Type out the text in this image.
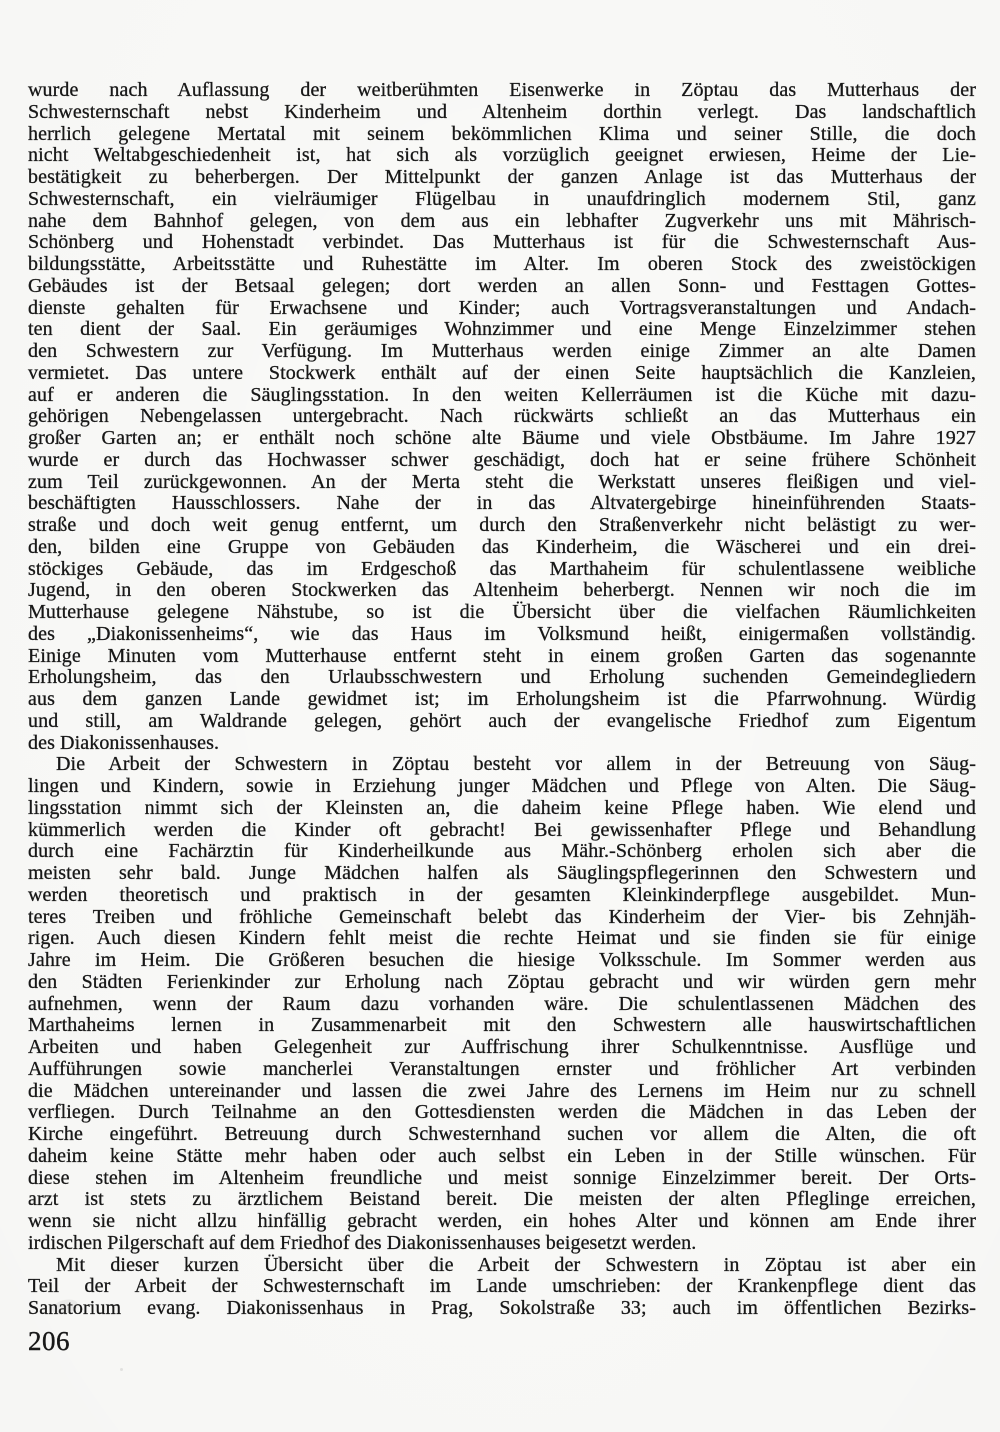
wurde nach Auflassung der weitberühmten Eisenwerke in Zöptau das Mutterhaus der
Schwesternschaft nebst Kinderheim und Altenheim dorthin verlegt. Das landschaftlich
herrlich gelegene Mertatal mit seinem bekömmlichen Klima und seiner Stille, die doch
nicht Weltabgeschiedenheit ist, hat sich als vorzüglich geeignet erwiesen, Heime der Lie-
bestätigkeit zu beherbergen. Der Mittelpunkt der ganzen Anlage ist das Mutterhaus der
Schwesternschaft, ein vielräumiger Flügelbau in unaufdringlich modernem Stil, ganz
nahe dem Bahnhof gelegen, von dem aus ein lebhafter Zugverkehr uns mit Mährisch-
Schönberg und Hohenstadt verbindet. Das Mutterhaus ist für die Schwesternschaft Aus-
bildungsstätte, Arbeitsstätte und Ruhestätte im Alter. Im oberen Stock des zweistöckigen
Gebäudes ist der Betsaal gelegen; dort werden an allen Sonn- und Festtagen Gottes-
dienste gehalten für Erwachsene und Kinder; auch Vortragsveranstaltungen und Andach-
ten dient der Saal. Ein geräumiges Wohnzimmer und eine Menge Einzelzimmer stehen
den Schwestern zur Verfügung. Im Mutterhaus werden einige Zimmer an alte Damen
vermietet. Das untere Stockwerk enthält auf der einen Seite hauptsächlich die Kanzleien,
auf er anderen die Säuglingsstation. In den weiten Kellerräumen ist die Küche mit dazu-
gehörigen Nebengelassen untergebracht. Nach rückwärts schließt an das Mutterhaus ein
großer Garten an; er enthält noch schöne alte Bäume und viele Obstbäume. Im Jahre 1927
wurde er durch das Hochwasser schwer geschädigt, doch hat er seine frühere Schönheit
zum Teil zurückgewonnen. An der Merta steht die Werkstatt unseres fleißigen und viel-
beschäftigten Hausschlossers. Nahe der in das Altvatergebirge hineinführenden Staats-
straße und doch weit genug entfernt, um durch den Straßenverkehr nicht belästigt zu wer-
den, bilden eine Gruppe von Gebäuden das Kinderheim, die Wäscherei und ein drei-
stöckiges Gebäude, das im Erdgeschoß das Marthaheim für schulentlassene weibliche
Jugend, in den oberen Stockwerken das Altenheim beherbergt. Nennen wir noch die im
Mutterhause gelegene Nähstube, so ist die Übersicht über die vielfachen Räumlichkeiten
des „Diakonissenheims“, wie das Haus im Volksmund heißt, einigermaßen vollständig.
Einige Minuten vom Mutterhause entfernt steht in einem großen Garten das sogenannte
Erholungsheim, das den Urlaubsschwestern und Erholung suchenden Gemeindegliedern
aus dem ganzen Lande gewidmet ist; im Erholungsheim ist die Pfarrwohnung. Würdig
und still, am Waldrande gelegen, gehört auch der evangelische Friedhof zum Eigentum
des Diakonissenhauses.
Die Arbeit der Schwestern in Zöptau besteht vor allem in der Betreuung von Säug-
lingen und Kindern, sowie in Erziehung junger Mädchen und Pflege von Alten. Die Säug-
lingsstation nimmt sich der Kleinsten an, die daheim keine Pflege haben. Wie elend und
kümmerlich werden die Kinder oft gebracht! Bei gewissenhafter Pflege und Behandlung
durch eine Fachärztin für Kinderheilkunde aus Mähr.-Schönberg erholen sich aber die
meisten sehr bald. Junge Mädchen halfen als Säuglingspflegerinnen den Schwestern und
werden theoretisch und praktisch in der gesamten Kleinkinderpflege ausgebildet. Mun-
teres Treiben und fröhliche Gemeinschaft belebt das Kinderheim der Vier- bis Zehnjäh-
rigen. Auch diesen Kindern fehlt meist die rechte Heimat und sie finden sie für einige
Jahre im Heim. Die Größeren besuchen die hiesige Volksschule. Im Sommer werden aus
den Städten Ferienkinder zur Erholung nach Zöptau gebracht und wir würden gern mehr
aufnehmen, wenn der Raum dazu vorhanden wäre. Die schulentlassenen Mädchen des
Marthaheims lernen in Zusammenarbeit mit den Schwestern alle hauswirtschaftlichen
Arbeiten und haben Gelegenheit zur Auffrischung ihrer Schulkenntnisse. Ausflüge und
Aufführungen sowie mancherlei Veranstaltungen ernster und fröhlicher Art verbinden
die Mädchen untereinander und lassen die zwei Jahre des Lernens im Heim nur zu schnell
verfliegen. Durch Teilnahme an den Gottesdiensten werden die Mädchen in das Leben der
Kirche eingeführt. Betreuung durch Schwesternhand suchen vor allem die Alten, die oft
daheim keine Stätte mehr haben oder auch selbst ein Leben in der Stille wünschen. Für
diese stehen im Altenheim freundliche und meist sonnige Einzelzimmer bereit. Der Orts-
arzt ist stets zu ärztlichem Beistand bereit. Die meisten der alten Pfleglinge erreichen,
wenn sie nicht allzu hinfällig gebracht werden, ein hohes Alter und können am Ende ihrer
irdischen Pilgerschaft auf dem Friedhof des Diakonissenhauses beigesetzt werden.
Mit dieser kurzen Übersicht über die Arbeit der Schwestern in Zöptau ist aber ein
Teil der Arbeit der Schwesternschaft im Lande umschrieben: der Krankenpflege dient das
Sanatorium evang. Diakonissenhaus in Prag, Sokolstraße 33; auch im öffentlichen Bezirks-
206
